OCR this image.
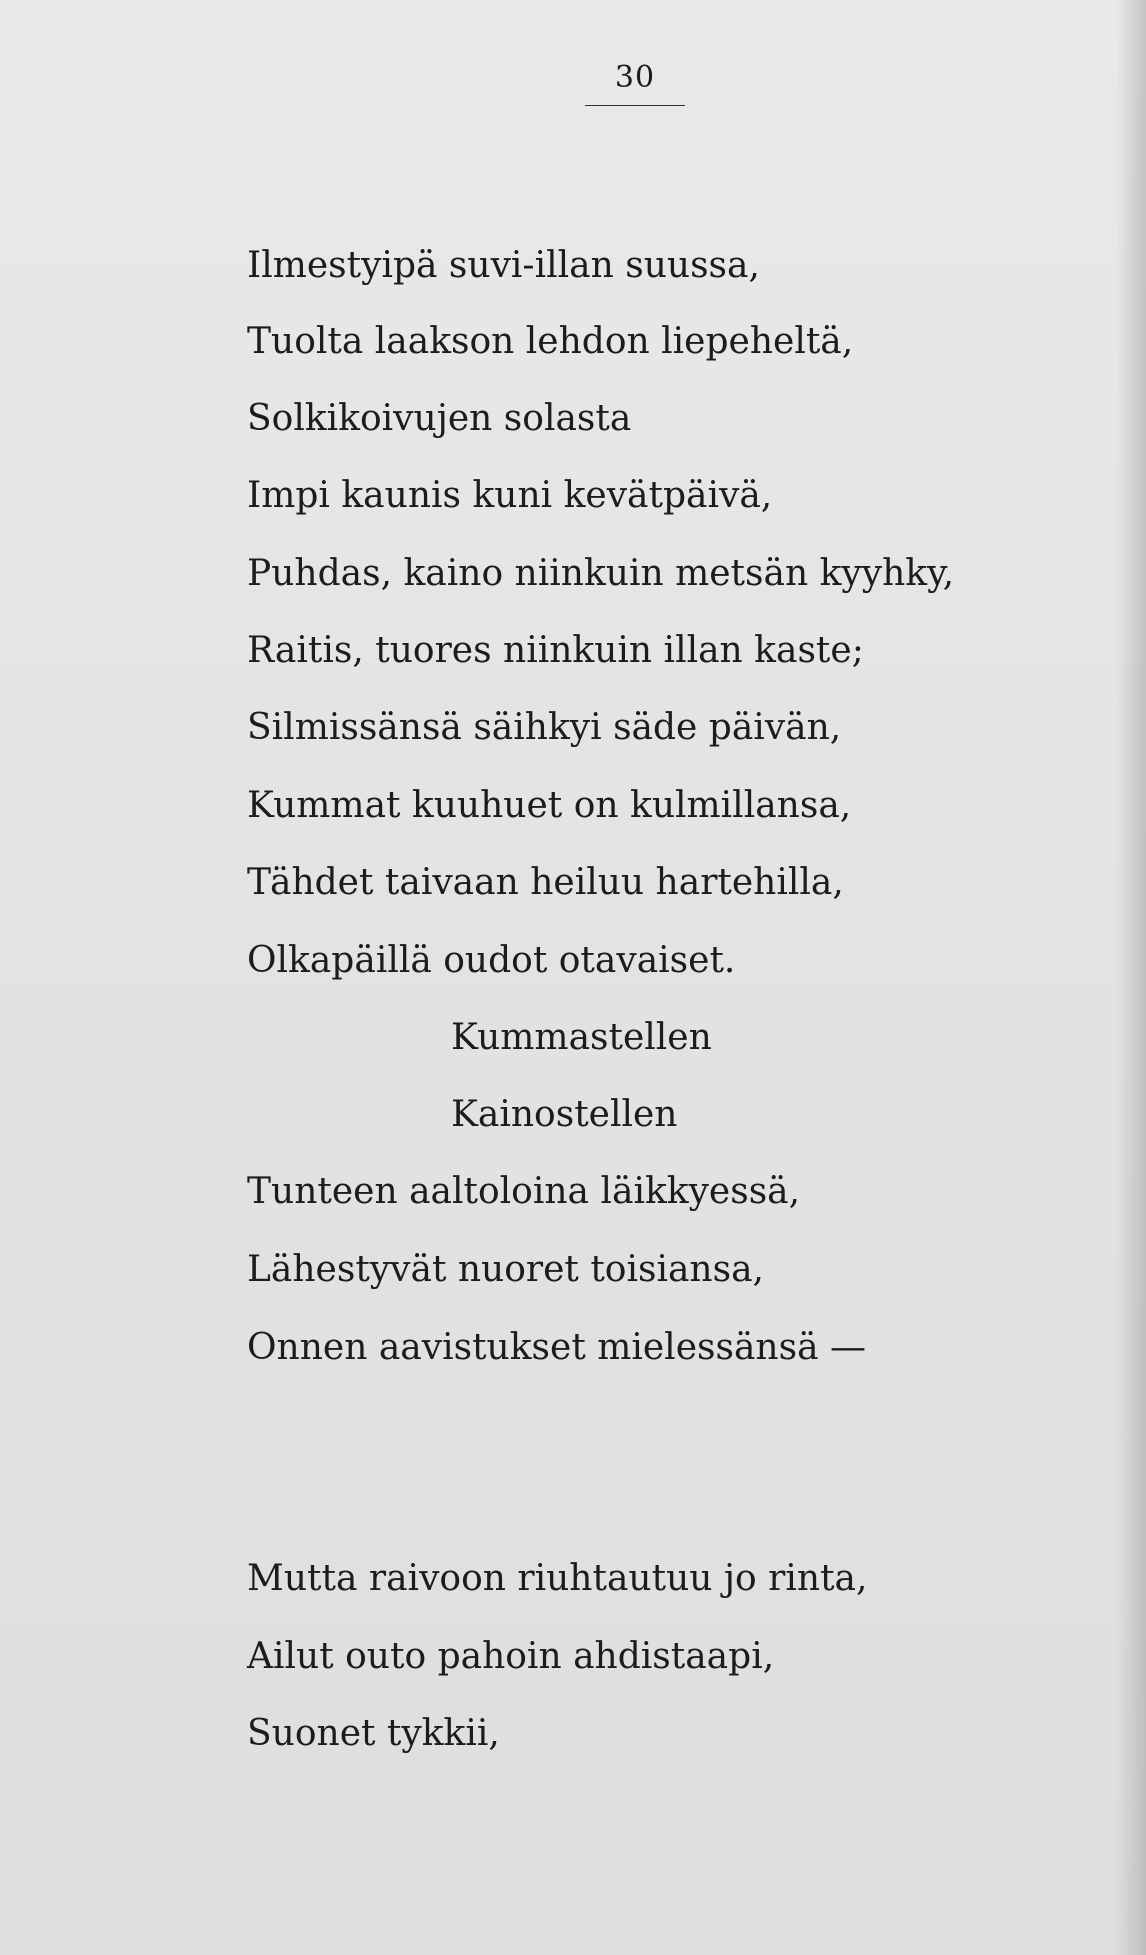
30

Ilmestyipä suvi-illan suussa,

Tuolta laakson lehdon liepeheltä,

Solkikoivujen solasta

Impi kaunis kuni kevätpäivä,

Puhdas, kaino niinkuin metsän kyyhky,

Raitis, tuores niinkuin illan kaste;

Silmissänsä säihkyi säde päivän,

Kummat kuuhuet on kulmillansa,

Tähdet taivaan heiluu hartehilla,

Olkapäillä oudot otavaiset.

Kummastellen

Kainostellen

Tunteen aaltoloina läikkyessä,

Lähestyvät nuoret toisiansa,

Onnen aavistukset mielessänsä —

Mutta raivoon riuhtautuu jo rinta,

Ailut outo pahoin ahdistaapi,

Suonet tykkii,
